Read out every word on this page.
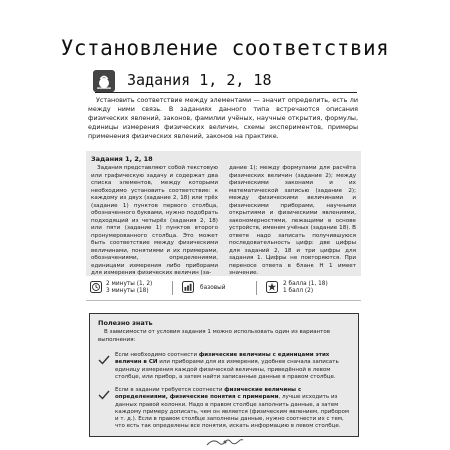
Установление соответствия
Задания 1, 2, 18
Установить соответствие между элементами — значит определить, есть ли между ними связь. В заданиях данного типа встречаются описания физических явлений, законов, фамилии учёных, научные открытия, формулы, единицы измерения физических величин, схемы экспериментов, примеры применения физических явлений, законов на практике.
Задания 1, 2, 18
Задания представляют собой текстовую или графическую задачу и содержат два списка элементов, между которыми необходимо установить соответствие: к каждому из двух (задание 2, 18) или трёх (задание 1) пунктов первого столбца, обозначенного буквами, нужно подобрать подходящий из четырёх (задания 2, 18) или пяти (задание 1) пунктов второго пронумерованного столбца. Это может быть соответствие между физическими величинами, понятиями и их примерами, обозначениями, определениями, единицами измерения либо приборами для измерения физических величин (за-
дание 1); между формулами для расчёта физических величин (задание 2); между физическими законами и их математической записью (задание 2); между физическими величинами и физическими приборами, научными открытиями и физическими явлениями, закономерностями, лежащими в основе устройств, именем учёных (задание 18). В ответе надо записать получившуюся последовательность цифр: две цифры для заданий 2, 18 и три цифры для задания 1. Цифры не повторяются. При переносе ответа в бланк Н 1 имеет значение.
2 минуты (1, 2)
3 минуты (18)	базовый
2 балла (1, 18)
1 балл (2)
Полезно знать
В зависимости от условия задания 1 можно использовать один из вариантов выполнения:
Если необходимо соотнести физические величины с единицами этих величин в СИ или приборами для их измерения, удобнее сначала записать единицу измерения каждой физической величины, приведённой в левом столбце, или прибор, а затем найти записанные данные в правом столбце.
Если в задании требуется соотнести физические величины с определениями, физические понятия с примерами, лучше исходить из данных правой колонки. Надо в правом столбце заполнить данные, а затем каждому примеру дописать, чем он является (физическим явлением, прибором и т. д.). Если в правом столбце заполнены данные, нужно соотнести их с тем, что есть так определены все понятия, искать информацию в левом столбце.
